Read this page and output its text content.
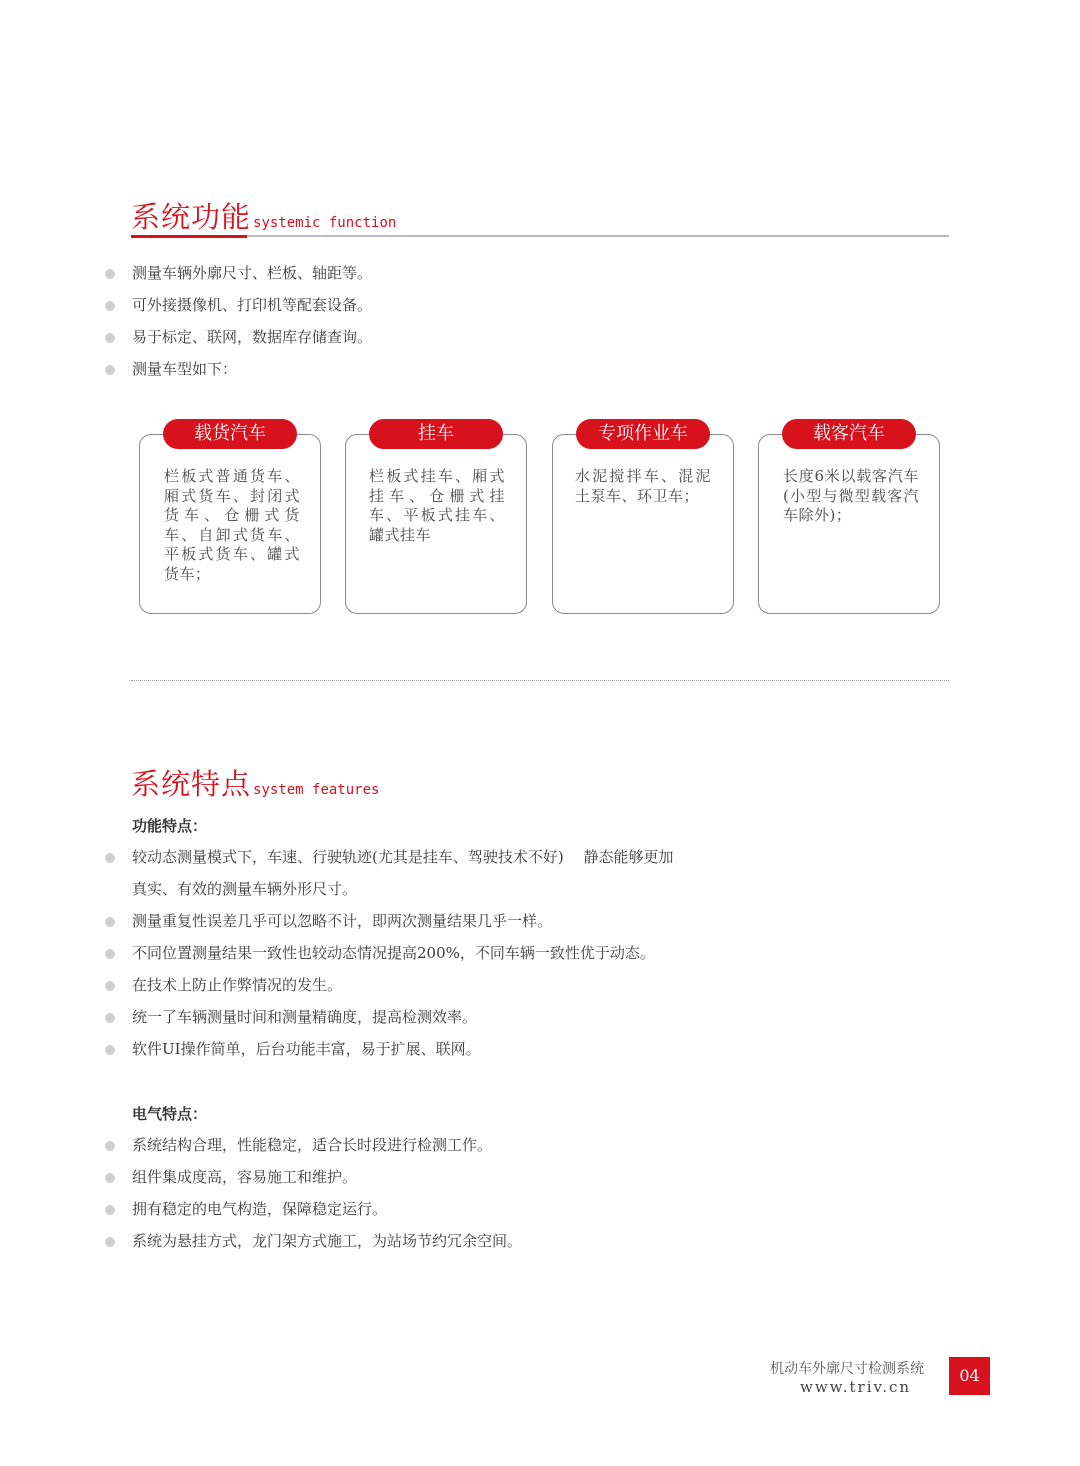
系统功能 systemic function
测量车辆外廓尺寸、栏板、轴距等。
可外接摄像机、打印机等配套设备。
易于标定、联网，数据库存储查询。
测量车型如下：
载货汽车
栏板式普通货车、厢式货车、封闭式货车、仓栅式货车、自卸式货车、平板式货车、罐式货车；
挂车
栏板式挂车、厢式挂车、仓栅式挂车、平板式挂车、罐式挂车
专项作业车
水泥搅拌车、混泥土泵车、环卫车；
载客汽车
长度6米以载客汽车(小型与微型载客汽车除外)；
系统特点 system features
功能特点：
较动态测量模式下，车速、行驶轨迹(尤其是挂车、驾驶技术不好)　 静态能够更加
真实、有效的测量车辆外形尺寸。
测量重复性误差几乎可以忽略不计，即两次测量结果几乎一样。
不同位置测量结果一致性也较动态情况提高200%，不同车辆一致性优于动态。
在技术上防止作弊情况的发生。
统一了车辆测量时间和测量精确度，提高检测效率。
软件UI操作简单，后台功能丰富，易于扩展、联网。
电气特点：
系统结构合理，性能稳定，适合长时段进行检测工作。
组件集成度高，容易施工和维护。
拥有稳定的电气构造，保障稳定运行。
系统为悬挂方式，龙门架方式施工，为站场节约冗余空间。
机动车外廓尺寸检测系统
www.triv.cn
04
